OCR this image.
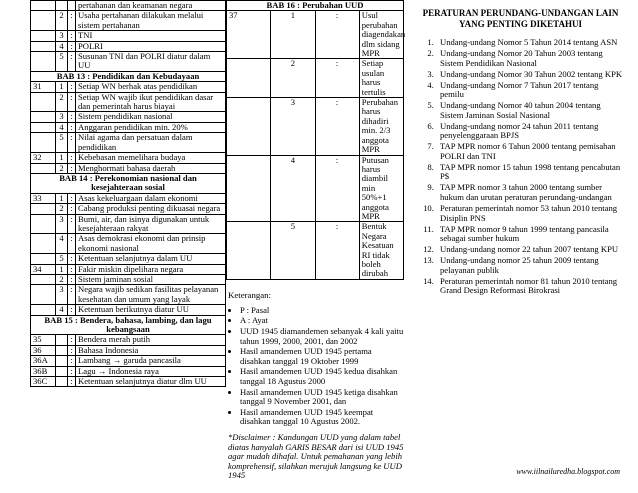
			pertahanan dan keamanan negara
	2	:	Usaha pertahanan dilakukan melalui sistem pertahanan
	3	:	TNI
	4	:	POLRI
	5	:	Susunan TNI dan POLRI diatur dalam UU
BAB 13 : Pendidikan dan Kebudayaan			
31	1	:	Setiap WN berhak atas pendidikan
	2	:	Setiap WN wajib ikut pendidikan dasar dan pemerintah harus biayai
	3	:	Sistem pendidikan nasional
	4	:	Anggaran pendidikan min. 20%
	5	:	Nilai agama dan persatuan dalam pendidikan
32	1	:	Kebebasan memelihara budaya
	2	:	Menghormati bahasa daerah
BAB 14 : Perekonomian nasional dan kesejahteraan sosial			
33	1	:	Asas kekeluargaan dalam ekonomi
	2	:	Cabang produksi penting dikuasai negara
	3	:	Bumi, air, dan isinya digunakan untuk kesejahteraan rakyat
	4	:	Asas demokrasi ekonomi dan prinsip ekonomi nasional
	5	:	Ketentuan selanjutnya dalam UU
34	1	:	Fakir miskin dipelihara negara
	2	:	Sistem jaminan sosial
	3	:	Negara wajib sedikan fasilitas pelayanan kesehatan dan umum yang layak
	4	:	Ketentuan berikutnya diatur UU
BAB 15 : Bendera, bahasa, lambing, dan lagu kebangsaan			
35		:	Bendera merah putih
36		:	Bahasa Indonesia
36A		:	Lambang → garuda pancasila
36B		:	Lagu → Indonesia raya
36C		:	Ketentuan selanjutnya diatur dlm UU
BAB 16 : Perubahan UUD			
37	1	:	Usul perubahan diagendakan dlm sidang MPR
	2	:	Setiap usulan harus tertulis
	3	:	Perubahan harus dihadiri min. 2/3 anggota MPR
	4	:	Putusan harus diambil min 50%+1 anggota MPR
	5	:	Bentuk Negara Kesatuan RI tidak boleh dirubah
Keterangan:
• P : Pasal
• A : Ayat
• UUD 1945 diamandemen sebanyak 4 kali yaitu tahun 1999, 2000, 2001, dan 2002
• Hasil amandemen UUD 1945 pertama disahkan tanggal 19 Oktober 1999
• Hasil amandemen UUD 1945 kedua disahkan tanggal 18 Agustus 2000
• Hasil amandemen UUD 1945 ketiga disahkan tanggal 9 November 2001, dan
• Hasil amandemen UUD 1945 keempat disahkan tanggal 10 Agustus 2002.
*Disclaimer : Kandungan UUD yang dalam tabel diatas hanyalah GARIS BESAR dari isi UUD 1945 agar mudah dihafal. Untuk pemahanan yang lebih komprehensif, silahkan merujuk langsung ke UUD 1945
PERATURAN PERUNDANG-UNDANGAN LAIN YANG PENTING DIKETAHUI
1. Undang-undang Nomor 5 Tahun 2014 tentang ASN
2. Undang-undang Nomor 20 Tahun 2003 tentang Sistem Pendidikan Nasional
3. Undang-undang Nomor 30 Tahun 2002 tentang KPK
4. Undang-undang Nomor 7 Tahun 2017 tentang pemilu
5. Undang-undang Nomor 40 tahun 2004 tentang Sistem Jaminan Sosial Nasional
6. Undang-undang nomor 24 tahun 2011 tentang penyelenggaraan BPJS
7. TAP MPR nomor 6 Tahun 2000 tentang pemisahan POLRI dan TNI
8. TAP MPR nomor 15 tahun 1998 tentang pencabutan P$
9. TAP MPR nomor 3 tahun 2000 tentang sumber hukum dan urutan peraturan perundang-undangan
10. Peraturan pemerintah nomor 53 tahun 2010 tentang Disiplin PNS
11. TAP MPR nomor 9 tahun 1999 tentang pancasila sebagai sumber hukum
12. Undang-undang nomor 22 tahun 2007 tentang KPU
13. Undang-undang nomor 25 tahun 2009 tentang pelayanan publik
14. Peraturan pemerintah nomor 81 tahun 2010 tentang Grand Design Reformasi Birokrasi
www.iilnailuredha.blogspot.com
